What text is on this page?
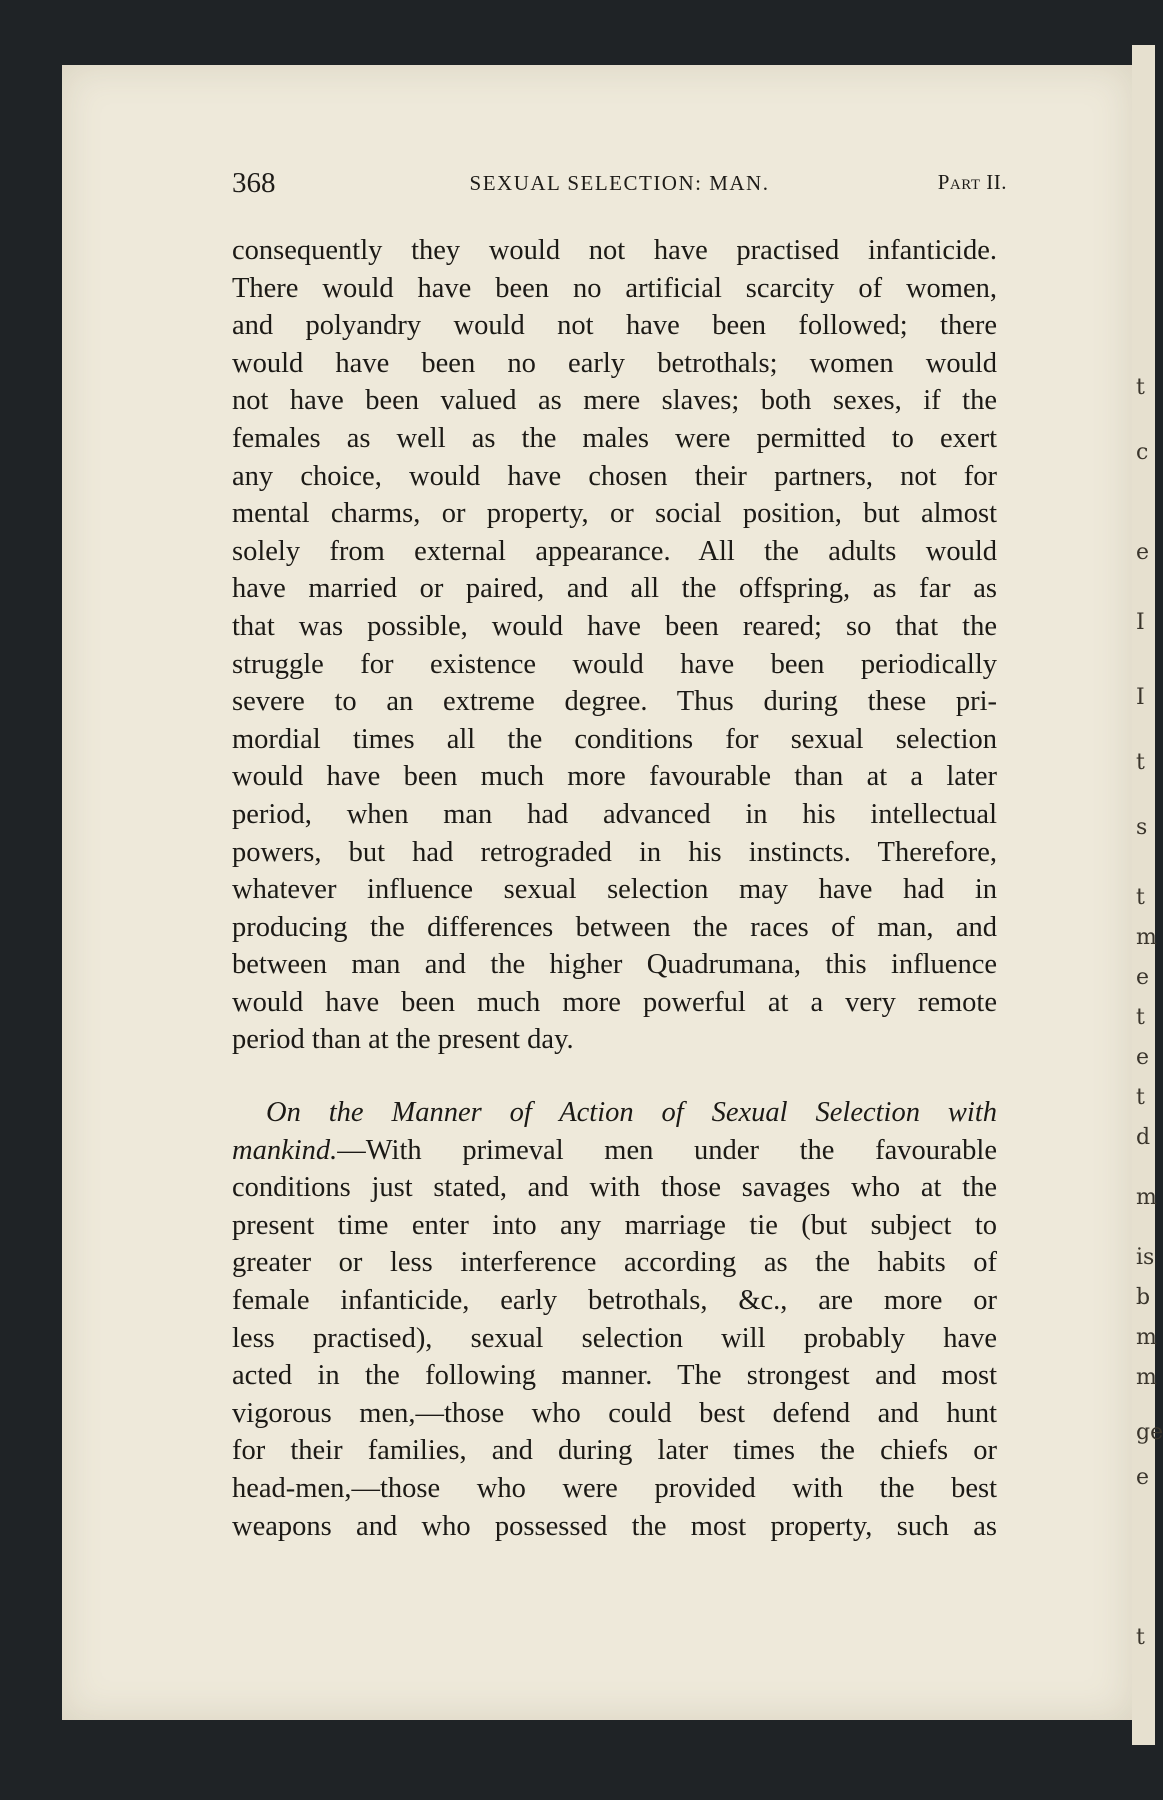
t
c
e
I
I
t
s
t
m
e
t
e
t
d
m
is
b
m
m
ge
e
t
368	SEXUAL SELECTION: MAN.	Part II.
consequently they would not have practised infanticide.
There would have been no artificial scarcity of women,
and polyandry would not have been followed; there
would have been no early betrothals; women would
not have been valued as mere slaves; both sexes, if the
females as well as the males were permitted to exert
any choice, would have chosen their partners, not for
mental charms, or property, or social position, but almost
solely from external appearance. All the adults would
have married or paired, and all the offspring, as far as
that was possible, would have been reared; so that the
struggle for existence would have been periodically
severe to an extreme degree. Thus during these pri-
mordial times all the conditions for sexual selection
would have been much more favourable than at a later
period, when man had advanced in his intellectual
powers, but had retrograded in his instincts. Therefore,
whatever influence sexual selection may have had in
producing the differences between the races of man, and
between man and the higher Quadrumana, this influence
would have been much more powerful at a very remote
period than at the present day.
On the Manner of Action of Sexual Selection with
mankind.—With primeval men under the favourable
conditions just stated, and with those savages who at the
present time enter into any marriage tie (but subject to
greater or less interference according as the habits of
female infanticide, early betrothals, &c., are more or
less practised), sexual selection will probably have
acted in the following manner. The strongest and most
vigorous men,—those who could best defend and hunt
for their families, and during later times the chiefs or
head-men,—those who were provided with the best
weapons and who possessed the most property, such as
